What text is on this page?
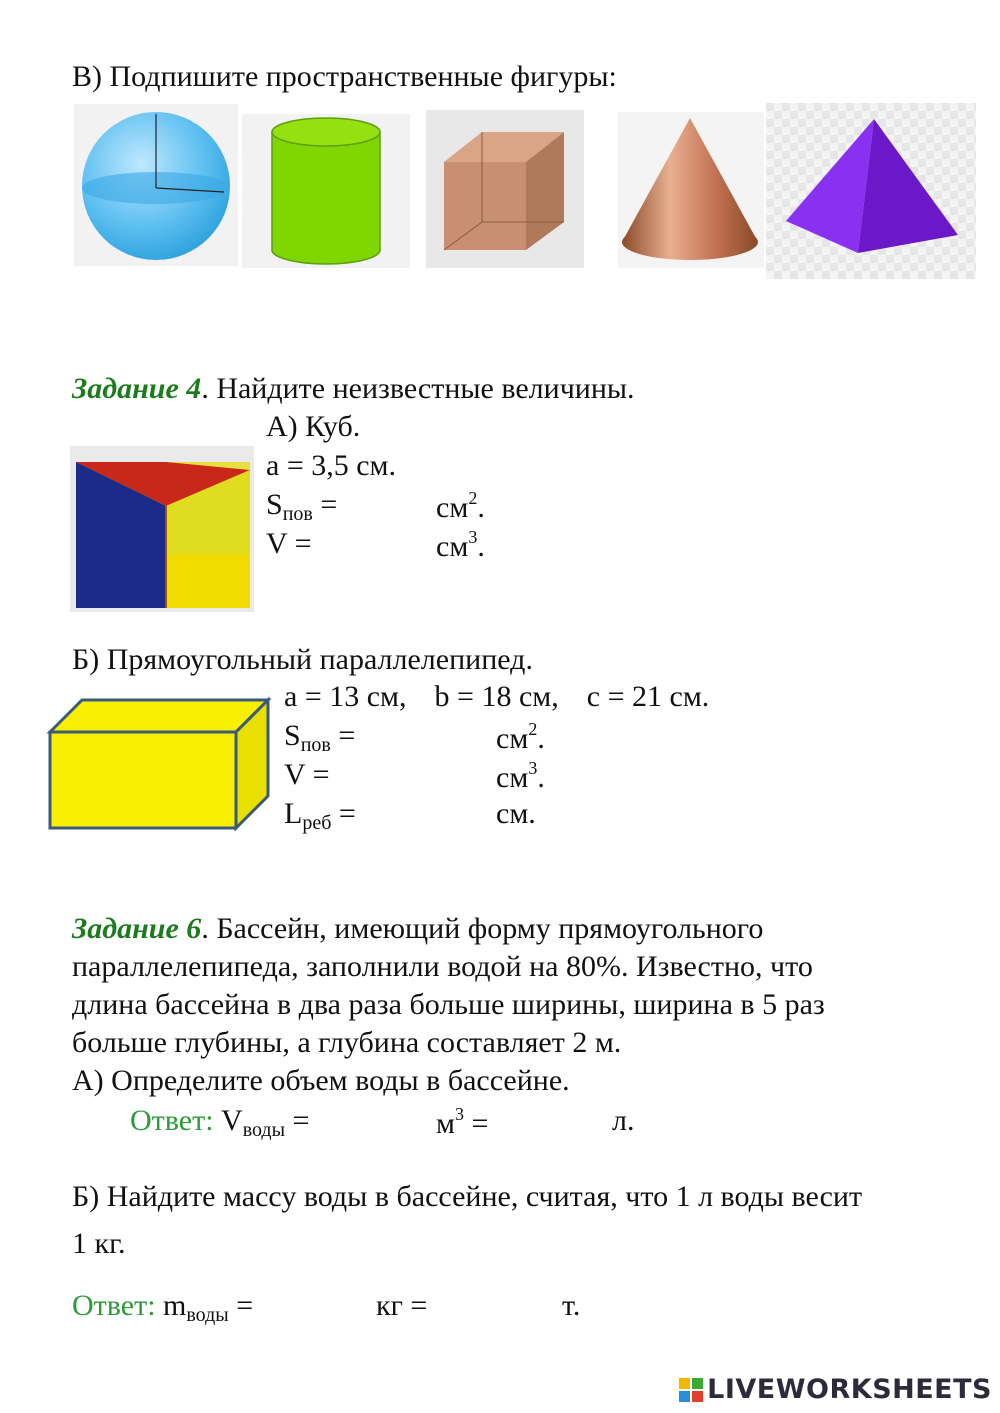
В) Подпишите пространственные фигуры:
Задание 4. Найдите неизвестные величины.
А) Куб.
a = 3,5 см.
$S_{пов}$ =	$см^2$.
V =	$см^3$.
Б) Прямоугольный параллелепипед.
a = 13 см, b = 18 см, c = 21 см.
$S_{пов}$ =	$см^2$.
V =	$см^3$.
$L_{реб}$ =	см.
Задание 6. Бассейн, имеющий форму прямоугольного
параллелепипеда, заполнили водой на 80%. Известно, что
длина бассейна в два раза больше ширины, ширина в 5 раз
больше глубины, а глубина составляет 2 м.
А) Определите объем воды в бассейне.
Ответ: $V_{воды}$ =	$м^3$ =	л.
Б) Найдите массу воды в бассейне, считая, что 1 л воды весит
1 кг.
Ответ: $m_{воды}$ =	кг =	т.
LIVEWORKSHEETS
